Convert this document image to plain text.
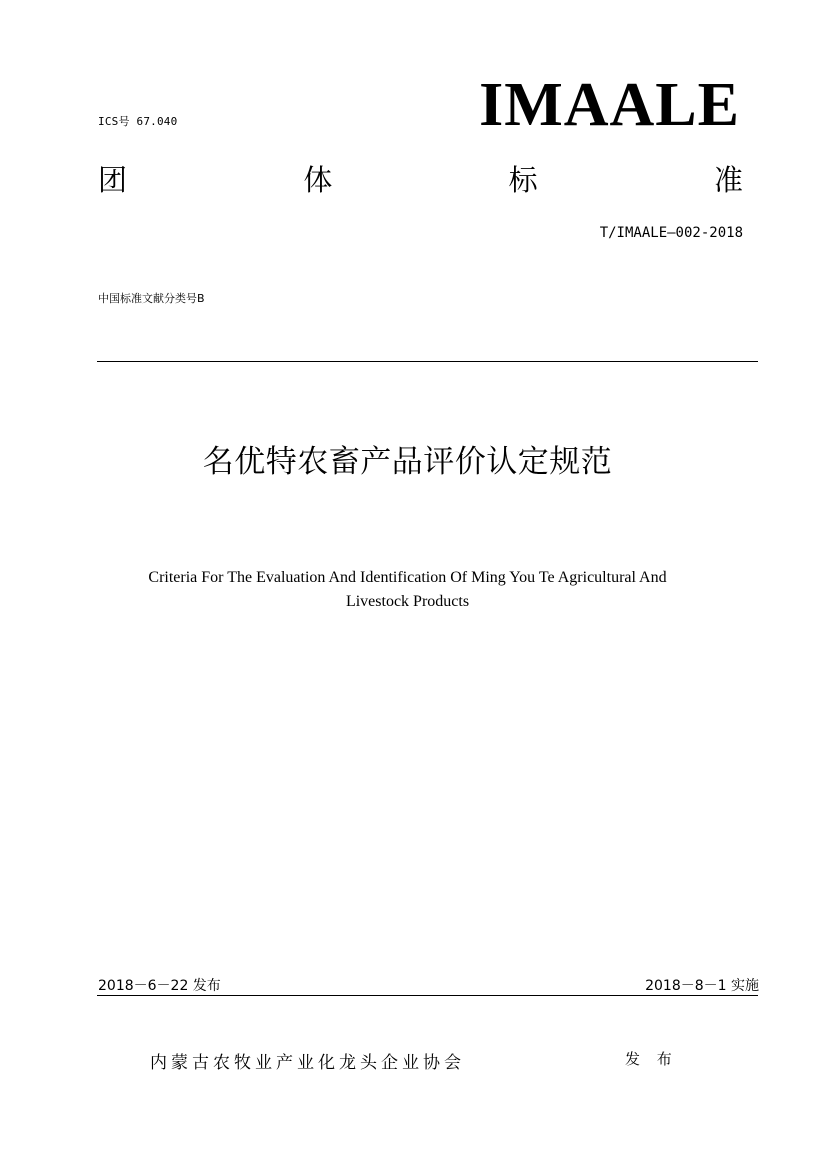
ICS号 67.040	IMAALE
团	体	标	准
T/IMAALE—002-2018
中国标准文献分类号B
名优特农畜产品评价认定规范
Criteria For The Evaluation And Identification Of Ming You Te Agricultural And
Livestock Products
2018－6－22 发布	2018－8－1 实施
内蒙古农牧业产业化龙头企业协会	发 布
